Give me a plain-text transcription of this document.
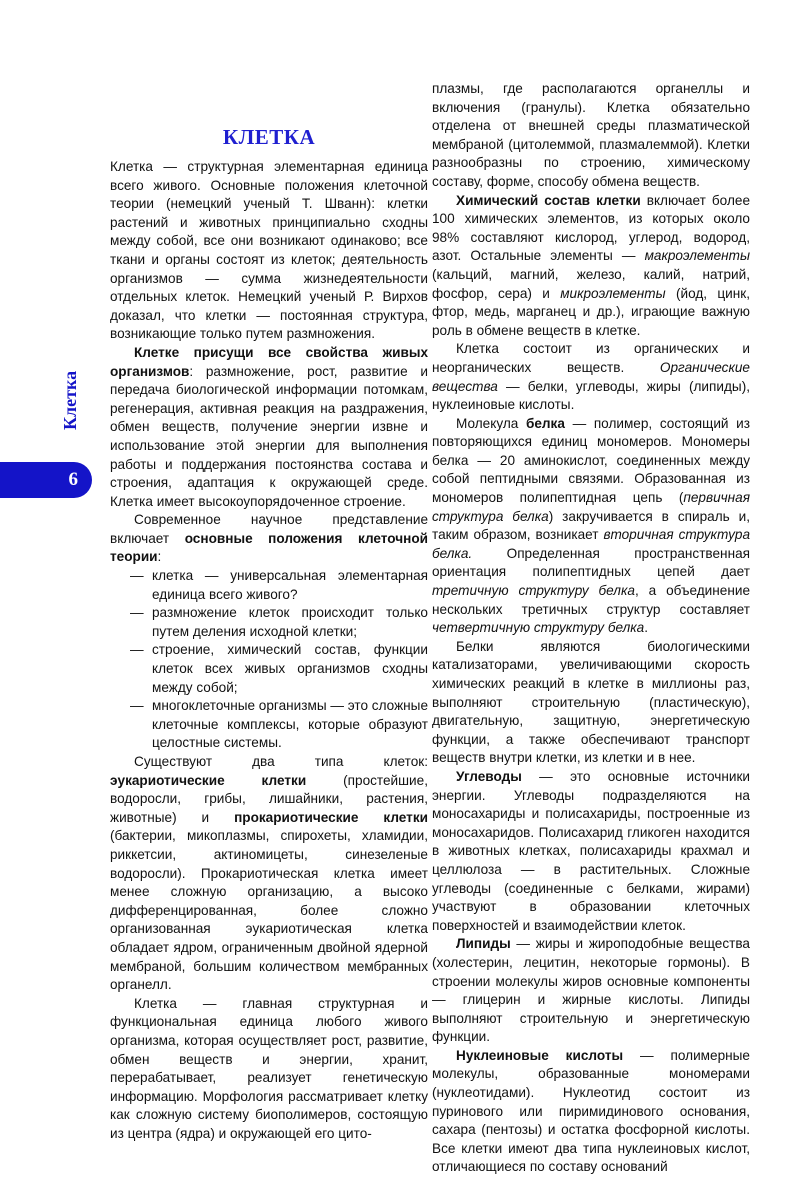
Клетка
6
КЛЕТКА

Клетка — структурная элементарная единица всего живого. Основные положения клеточной теории (немецкий ученый Т. Шванн): клетки растений и животных принципиально сходны между собой, все они возникают одинаково; все ткани и органы состоят из клеток; деятельность организмов — сумма жизнедеятельности отдельных клеток. Немецкий ученый Р. Вирхов доказал, что клетки — постоянная структура, возникающие только путем размножения.

Клетке присущи все свойства живых организмов: размножение, рост, развитие и передача биологической информации потомкам, регенерация, активная реакция на раздражения, обмен веществ, получение энергии извне и использование этой энергии для выполнения работы и поддержания постоянства состава и строения, адаптация к окружающей среде. Клетка имеет высокоупорядоченное строение.

Современное научное представление включает основные положения клеточной теории:

— клетка — универсальная элементарная единица всего живого?
— размножение клеток происходит только путем деления исходной клетки;
— строение, химический состав, функции клеток всех живых организмов сходны между собой;
— многоклеточные организмы — это сложные клеточные комплексы, которые образуют целостные системы.

Существуют два типа клеток: эукариотические клетки (простейшие, водоросли, грибы, лишайники, растения, животные) и прокариотические клетки (бактерии, микоплазмы, спирохеты, хламидии, риккетсии, актиномицеты, синезеленые водоросли). Прокариотическая клетка имеет менее сложную организацию, а высоко дифференцированная, более сложно организованная эукариотическая клетка обладает ядром, ограниченным двойной ядерной мембраной, большим количеством мембранных органелл.

Клетка — главная структурная и функциональная единица любого живого организма, которая осуществляет рост, развитие, обмен веществ и энергии, хранит, перерабатывает, реализует генетическую информацию. Морфология рассматривает клетку как сложную систему биополимеров, состоящую из центра (ядра) и окружающей его цито-

плазмы, где располагаются органеллы и включения (гранулы). Клетка обязательно отделена от внешней среды плазматической мембраной (цитолеммой, плазмалеммой). Клетки разнообразны по строению, химическому составу, форме, способу обмена веществ.

Химический состав клетки включает более 100 химических элементов, из которых около 98% составляют кислород, углерод, водород, азот. Остальные элементы — макроэлементы (кальций, магний, железо, калий, натрий, фосфор, сера) и микроэлементы (йод, цинк, фтор, медь, марганец и др.), играющие важную роль в обмене веществ в клетке.

Клетка состоит из органических и неорганических веществ. Органические вещества — белки, углеводы, жиры (липиды), нуклеиновые кислоты.

Молекула белка — полимер, состоящий из повторяющихся единиц мономеров. Мономеры белка — 20 аминокислот, соединенных между собой пептидными связями. Образованная из мономеров полипептидная цепь (первичная структура белка) закручивается в спираль и, таким образом, возникает вторичная структура белка. Определенная пространственная ориентация полипептидных цепей дает третичную структуру белка, а объединение нескольких третичных структур составляет четвертичную структуру белка.

Белки являются биологическими катализаторами, увеличивающими скорость химических реакций в клетке в миллионы раз, выполняют строительную (пластическую), двигательную, защитную, энергетическую функции, а также обеспечивают транспорт веществ внутри клетки, из клетки и в нее.

Углеводы — это основные источники энергии. Углеводы подразделяются на моносахариды и полисахариды, построенные из моносахаридов. Полисахарид гликоген находится в животных клетках, полисахариды крахмал и целлюлоза — в растительных. Сложные углеводы (соединенные с белками, жирами) участвуют в образовании клеточных поверхностей и взаимодействии клеток.

Липиды — жиры и жироподобные вещества (холестерин, лецитин, некоторые гормоны). В строении молекулы жиров основные компоненты — глицерин и жирные кислоты. Липиды выполняют строительную и энергетическую функции.

Нуклеиновые кислоты — полимерные молекулы, образованные мономерами (нуклеотидами). Нуклеотид состоит из пуринового или пиримидинового основания, сахара (пентозы) и остатка фосфорной кислоты. Все клетки имеют два типа нуклеиновых кислот, отличающиеся по составу оснований
